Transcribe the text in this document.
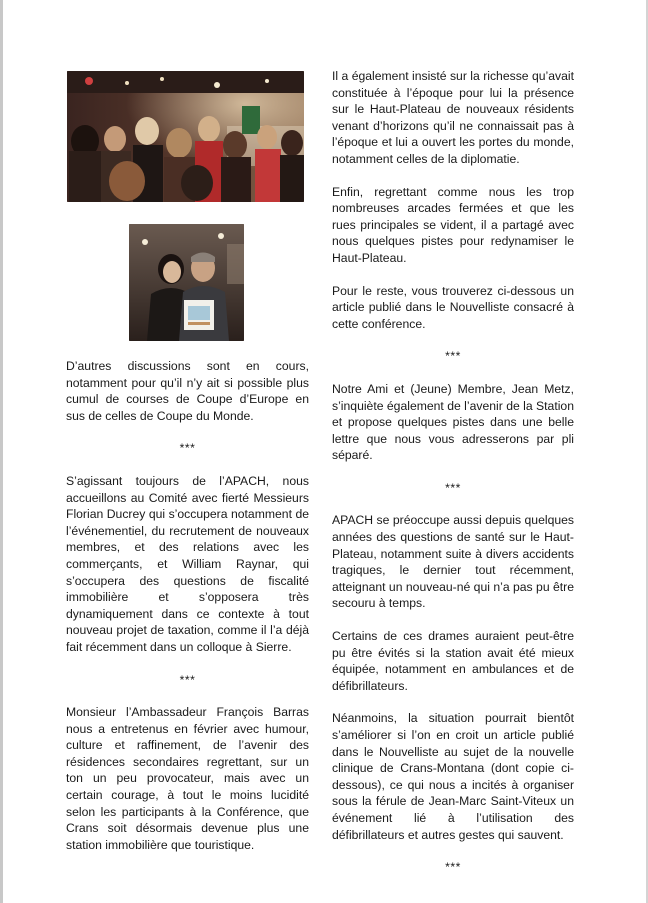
D’autres discussions sont en cours, notamment pour qu’il n’y ait si possible plus cumul de courses de Coupe d’Europe en sus de celles de Coupe du Monde.

***

S’agissant toujours de l’APACH, nous accueillons au Comité avec fierté Messieurs Florian Ducrey qui s’occupera notamment de l’événementiel, du recrutement de nouveaux membres, et des relations avec les commerçants, et William Raynar, qui s’occupera des questions de fiscalité immobilière et s’opposera très dynamiquement dans ce contexte à tout nouveau projet de taxation, comme il l’a déjà fait récemment dans un colloque à Sierre.

***

Monsieur l’Ambassadeur François Barras nous a entretenus en février avec humour, culture et raffinement, de l’avenir des résidences secondaires regrettant, sur un ton un peu provocateur, mais avec un certain courage, à tout le moins lucidité selon les participants à la Conférence, que Crans soit désormais devenue plus une station immobilière que touristique.

Il a également insisté sur la richesse qu’avait constituée à l’époque pour lui la présence sur le Haut-Plateau de nouveaux résidents venant d’horizons qu’il ne connaissait pas à l’époque et lui a ouvert les portes du monde, notamment celles de la diplomatie.

Enfin, regrettant comme nous les trop nombreuses arcades fermées et que les rues principales se vident, il a partagé avec nous quelques pistes pour redynamiser le Haut-Plateau.

Pour le reste, vous trouverez ci-dessous un article publié dans le Nouvelliste consacré à cette conférence.

***

Notre Ami et (Jeune) Membre, Jean Metz, s’inquiète également de l’avenir de la Station et propose quelques pistes dans une belle lettre que nous vous adresserons par pli séparé.

***

APACH se préoccupe aussi depuis quelques années des questions de santé sur le Haut-Plateau, notamment suite à divers accidents tragiques, le dernier tout récemment, atteignant un nouveau-né qui n’a pas pu être secouru à temps.

Certains de ces drames auraient peut-être pu être évités si la station avait été mieux équipée, notamment en ambulances et de défibrillateurs.

Néanmoins, la situation pourrait bientôt s’améliorer si l’on en croit un article publié dans le Nouvelliste au sujet de la nouvelle clinique de Crans-Montana (dont copie ci-dessous), ce qui nous a incités à organiser sous la férule de Jean-Marc Saint-Viteux un événement lié à l’utilisation des défibrillateurs et autres gestes qui sauvent.

***
